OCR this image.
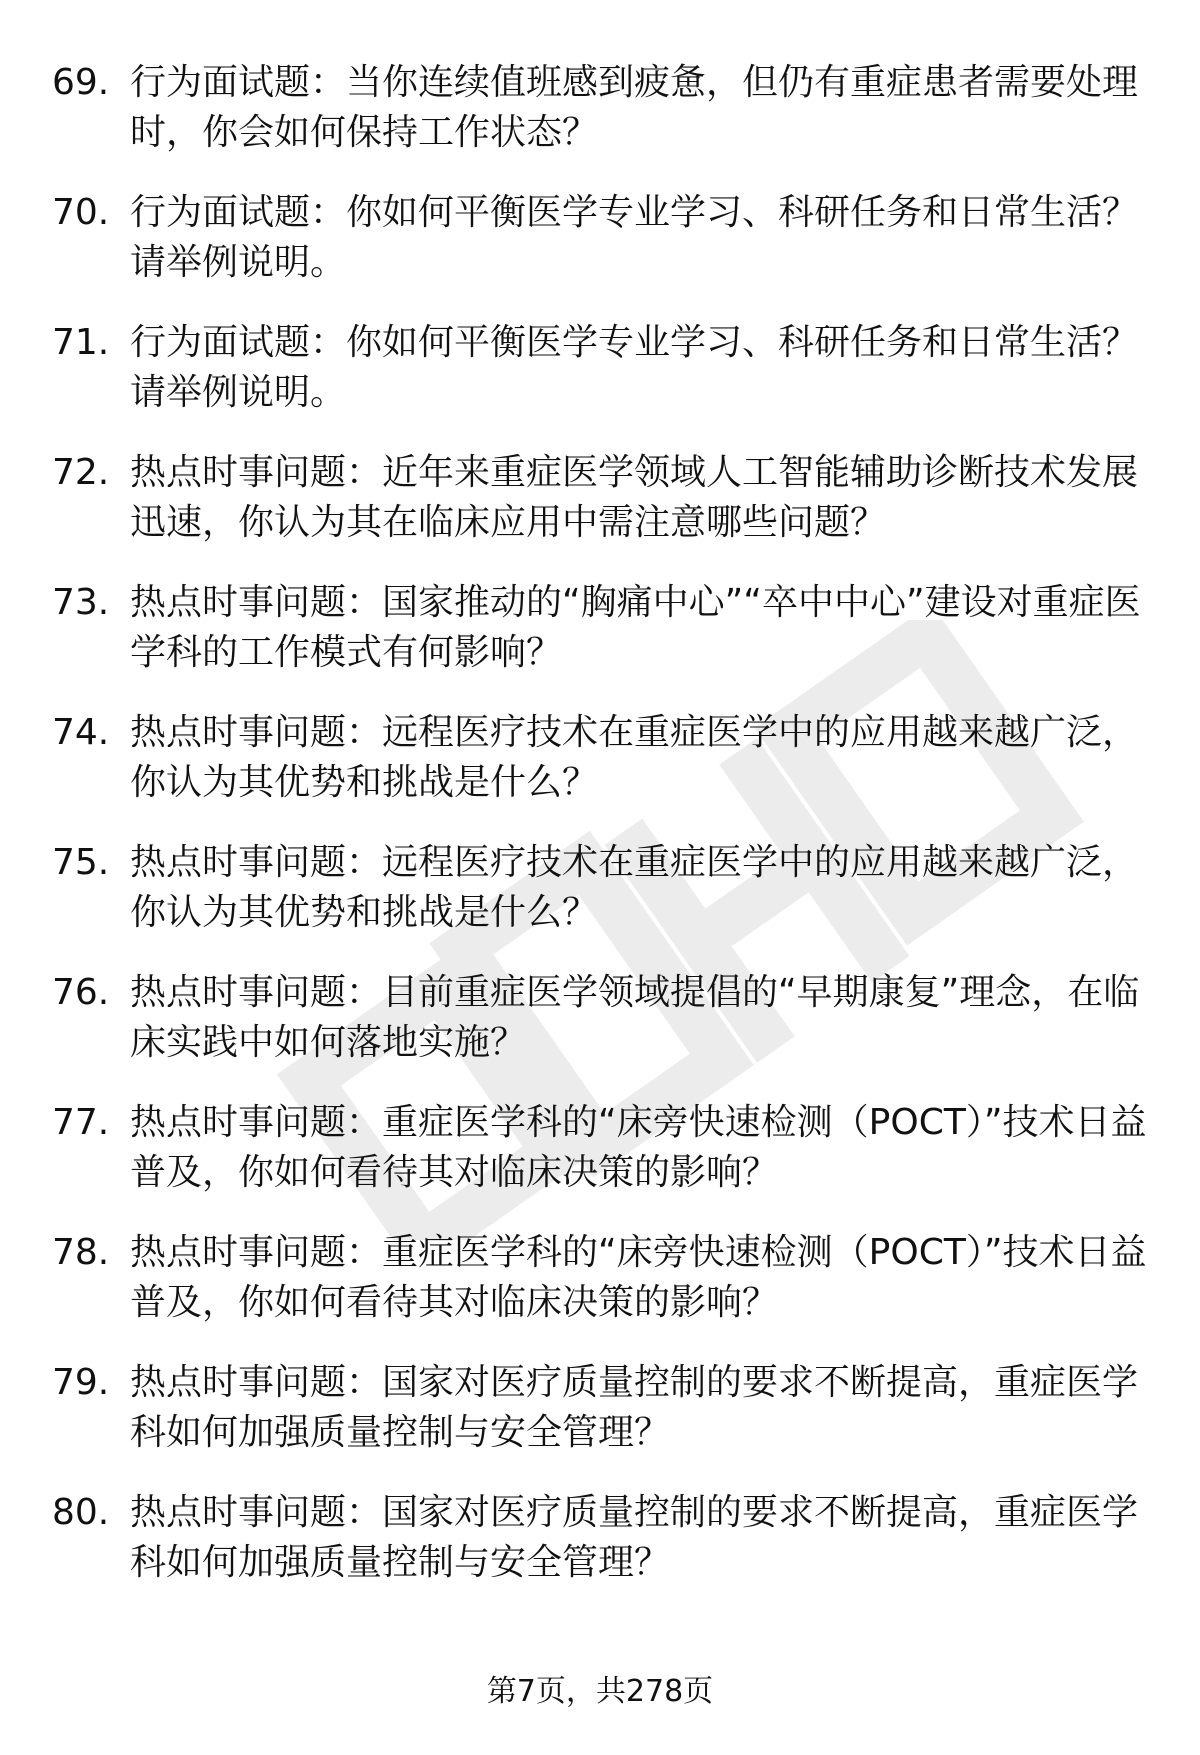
69. 行为面试题：当你连续值班感到疲惫，但仍有重症患者需要处理时，你会如何保持工作状态？
70. 行为面试题：你如何平衡医学专业学习、科研任务和日常生活？请举例说明。
71. 行为面试题：你如何平衡医学专业学习、科研任务和日常生活？请举例说明。
72. 热点时事问题：近年来重症医学领域人工智能辅助诊断技术发展迅速，你认为其在临床应用中需注意哪些问题？
73. 热点时事问题：国家推动的“胸痛中心”“卒中中心”建设对重症医学科的工作模式有何影响？
74. 热点时事问题：远程医疗技术在重症医学中的应用越来越广泛，你认为其优势和挑战是什么？
75. 热点时事问题：远程医疗技术在重症医学中的应用越来越广泛，你认为其优势和挑战是什么？
76. 热点时事问题：目前重症医学领域提倡的“早期康复”理念，在临床实践中如何落地实施？
77. 热点时事问题：重症医学科的“床旁快速检测（POCT）”技术日益普及，你如何看待其对临床决策的影响？
78. 热点时事问题：重症医学科的“床旁快速检测（POCT）”技术日益普及，你如何看待其对临床决策的影响？
79. 热点时事问题：国家对医疗质量控制的要求不断提高，重症医学科如何加强质量控制与安全管理？
80. 热点时事问题：国家对医疗质量控制的要求不断提高，重症医学科如何加强质量控制与安全管理？
第7页，共278页
